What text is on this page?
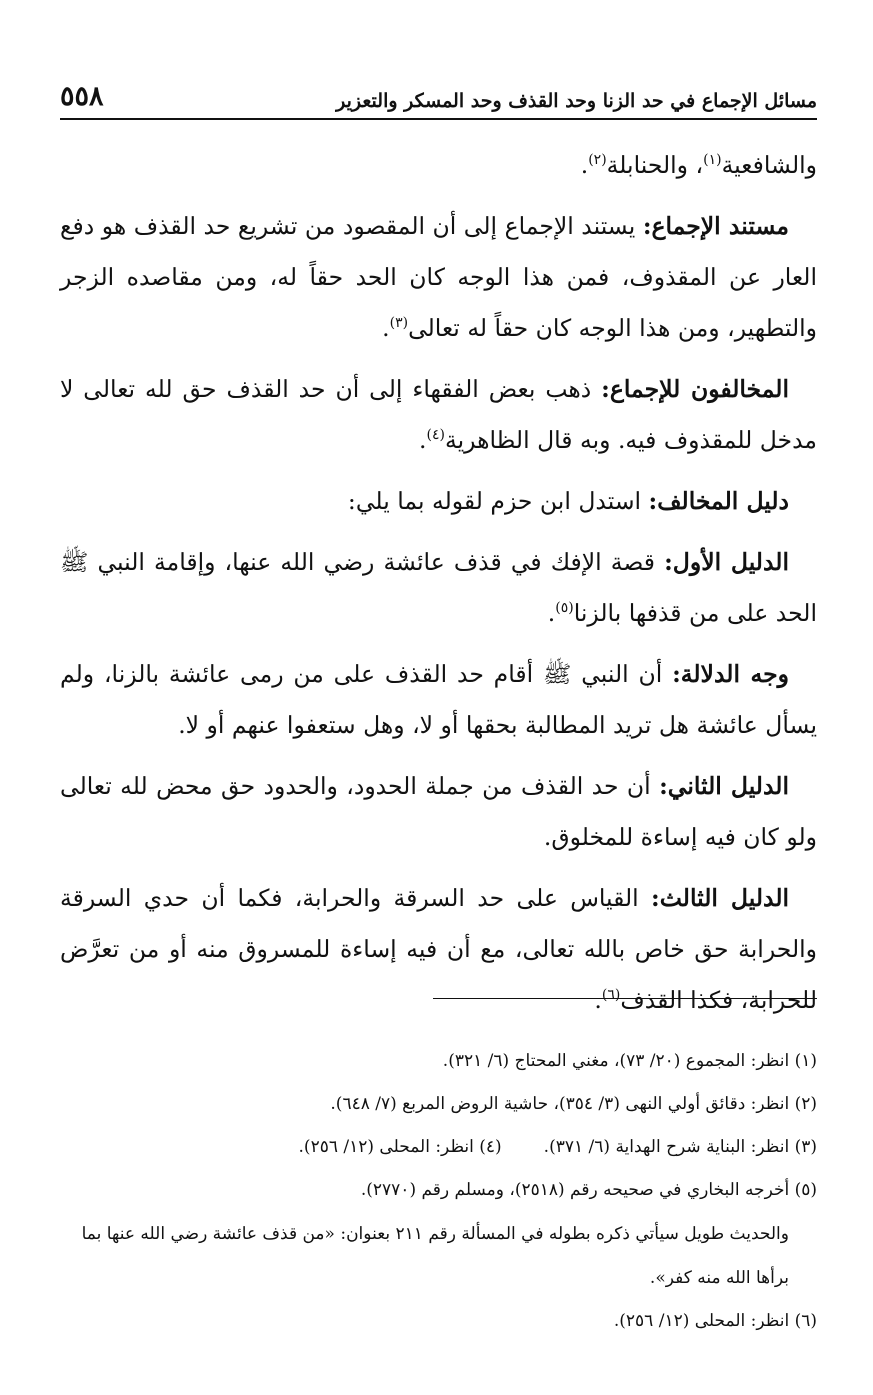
مسائل الإجماع في حد الزنا وحد القذف وحد المسكر والتعزير
٥٥٨

والشافعية$^{(١)}$، والحنابلة$^{(٢)}$.

مستند الإجماع: يستند الإجماع إلى أن المقصود من تشريع حد القذف هو دفع العار عن المقذوف، فمن هذا الوجه كان الحد حقاً له، ومن مقاصده الزجر والتطهير، ومن هذا الوجه كان حقاً له تعالى$^{(٣)}$.

المخالفون للإجماع: ذهب بعض الفقهاء إلى أن حد القذف حق لله تعالى لا مدخل للمقذوف فيه. وبه قال الظاهرية$^{(٤)}$.

دليل المخالف: استدل ابن حزم لقوله بما يلي:

الدليل الأول: قصة الإفك في قذف عائشة رضي الله عنها، وإقامة النبي ﷺ الحد على من قذفها بالزنا$^{(٥)}$.

وجه الدلالة: أن النبي ﷺ أقام حد القذف على من رمى عائشة بالزنا، ولم يسأل عائشة هل تريد المطالبة بحقها أو لا، وهل ستعفوا عنهم أو لا.

الدليل الثاني: أن حد القذف من جملة الحدود، والحدود حق محض لله تعالى ولو كان فيه إساءة للمخلوق.

الدليل الثالث: القياس على حد السرقة والحرابة، فكما أن حدي السرقة والحرابة حق خاص بالله تعالى، مع أن فيه إساءة للمسروق منه أو من تعرَّض للحرابة، فكذا القذف$^{(٦)}$.

(١) انظر: المجموع (٢٠/ ٧٣)، مغني المحتاج (٦/ ٣٢١).

(٢) انظر: دقائق أولي النهى (٣/ ٣٥٤)، حاشية الروض المربع (٧/ ٦٤٨).

(٣) انظر: البناية شرح الهداية (٦/ ٣٧١).(٤) انظر: المحلى (١٢/ ٢٥٦).

(٥) أخرجه البخاري في صحيحه رقم (٢٥١٨)، ومسلم رقم (٢٧٧٠).

والحديث طويل سيأتي ذكره بطوله في المسألة رقم ٢١١ بعنوان: «من قذف عائشة رضي الله عنها بما برأها الله منه كفر».

(٦) انظر: المحلى (١٢/ ٢٥٦).
